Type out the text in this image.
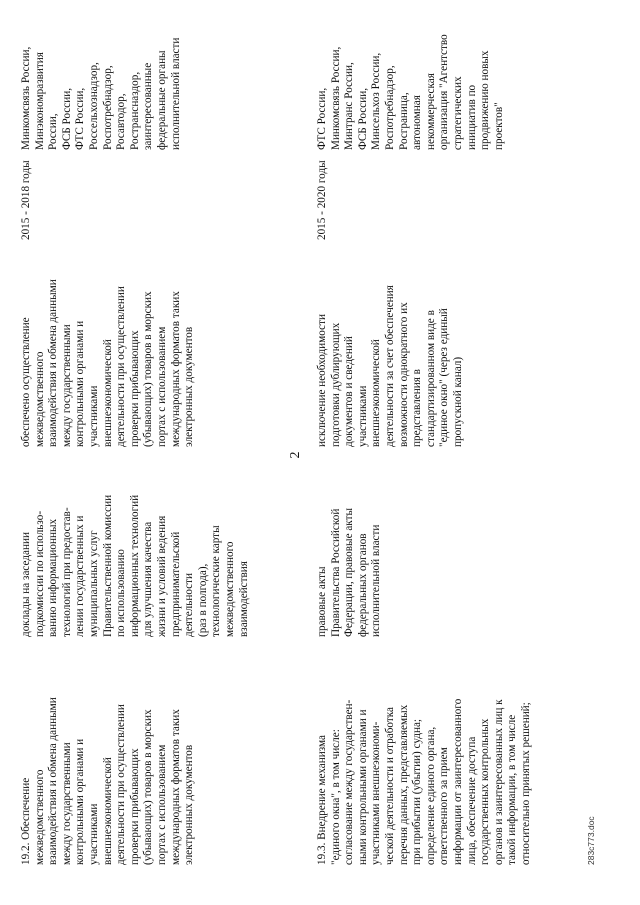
2

19.2. Обеспечение
межведомственного
взаимодействия и обмена данными
между государственными
контрольными органами и
участниками
внешнеэкономической
деятельности при осуществлении
проверки прибывающих
(убывающих) товаров в морских
портах с использованием
международных форматов таких
электронных документов

доклады на заседании
подкомиссии по использо-
ванию информационных
технологий при предостав-
лении государственных и
муниципальных услуг
Правительственной комиссии
по использованию
информационных технологий
для улучшения качества
жизни и условий ведения
предпринимательской
деятельности
(раз в полгода),
технологические карты
межведомственного
взаимодействия

обеспечено осуществление
межведомственного
взаимодействия и обмена данными
между государственными
контрольными органами и
участниками
внешнеэкономической
деятельности при осуществлении
проверки прибывающих
(убывающих) товаров в морских
портах с использованием
международных форматов таких
электронных документов

2015 - 2018 годы

Минкомсвязь России,
Минэкономразвития
России,
ФСБ России,
ФТС России,
Россельхознадзор,
Роспотребнадзор,
Росавтодор,
Ространсназдор,
заинтересованные
федеральные органы
исполнительной власти

19.3. Внедрение механизма
"единого окна", в том числе:
согласование между государствен-
ными контрольными органами и
участниками внешнеэкономи-
ческой деятельности и отработка
перечня данных, представляемых
при прибытии (убытии) судна;
определение единого органа,
ответственного за прием
информации от заинтересованного
лица, обеспечение доступа
государственных контрольных
органов и заинтересованных лиц к
такой информации, в том числе
относительно принятых решений;

правовые акты
Правительства Российской
Федерации, правовые акты
федеральных органов
исполнительной власти

исключение необходимости
подготовки дублирующих
документов и сведений
участниками
внешнеэкономической
деятельности за счет обеспечения
возможности однократного их
представления в
стандартизированном виде в
"единое окно" (через единый
пропускной канал)

2015 - 2020 годы

ФТС России,
Минкомсвязь России,
Минтранс России,
ФСБ России,
Минсельхоз России,
Роспотребнадзор,
Росграница,
автономная
некоммерческая
организация "Агентство
стратегических
инициатив по
продвижению новых
проектов"

283с773.doc
